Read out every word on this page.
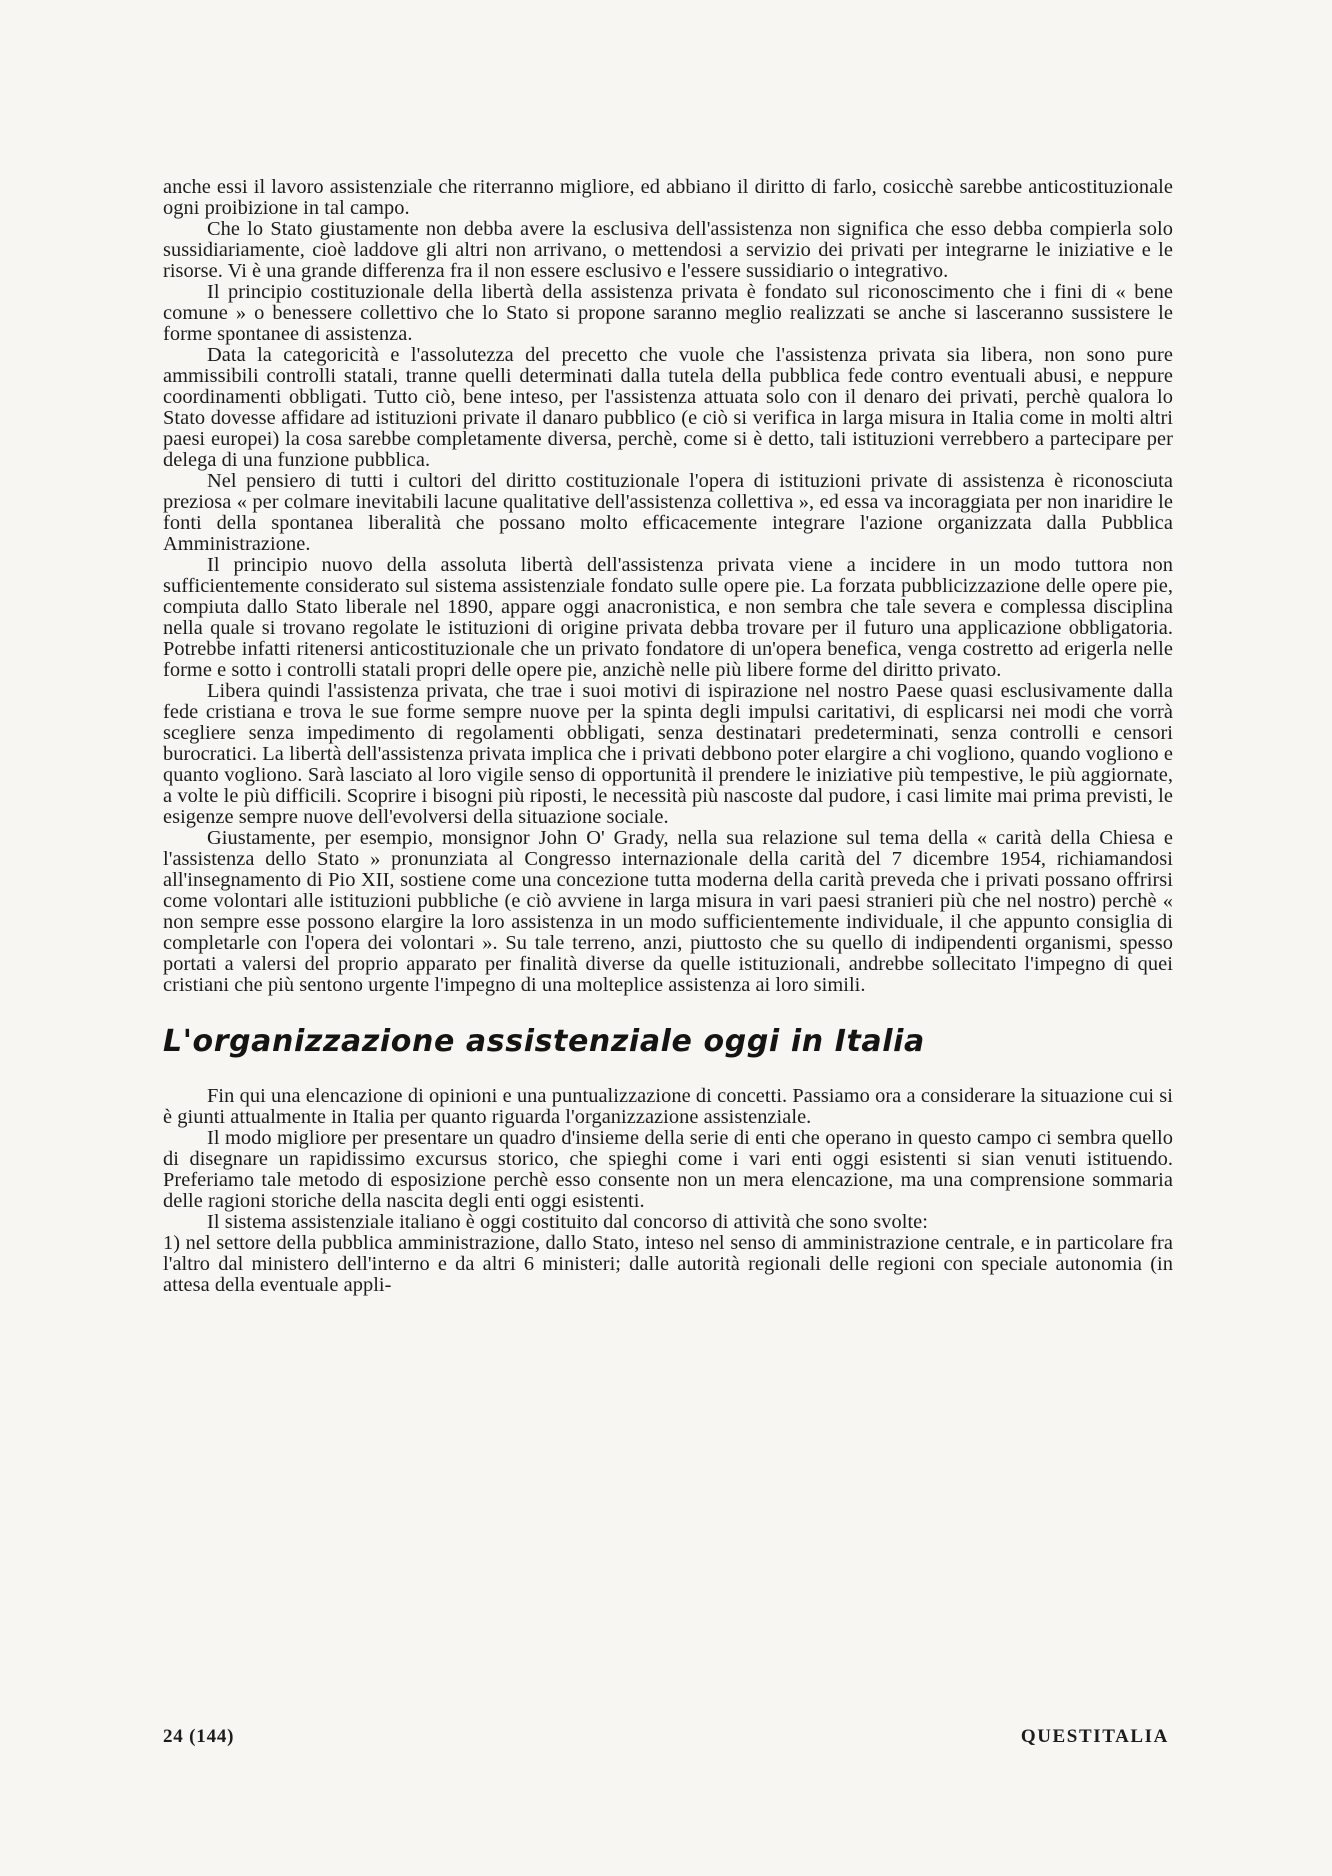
anche essi il lavoro assistenziale che riterranno migliore, ed abbiano il diritto di farlo, cosicchè sarebbe anticostituzionale ogni proibizione in tal campo.

Che lo Stato giustamente non debba avere la esclusiva dell'assistenza non significa che esso debba compierla solo sussidiariamente, cioè laddove gli altri non arrivano, o mettendosi a servizio dei privati per integrarne le iniziative e le risorse. Vi è una grande differenza fra il non essere esclusivo e l'essere sussidiario o integrativo.

Il principio costituzionale della libertà della assistenza privata è fondato sul riconoscimento che i fini di « bene comune » o benessere collettivo che lo Stato si propone saranno meglio realizzati se anche si lasceranno sussistere le forme spontanee di assistenza.

Data la categoricità e l'assolutezza del precetto che vuole che l'assistenza privata sia libera, non sono pure ammissibili controlli statali, tranne quelli determinati dalla tutela della pubblica fede contro eventuali abusi, e neppure coordinamenti obbligati. Tutto ciò, bene inteso, per l'assistenza attuata solo con il denaro dei privati, perchè qualora lo Stato dovesse affidare ad istituzioni private il danaro pubblico (e ciò si verifica in larga misura in Italia come in molti altri paesi europei) la cosa sarebbe completamente diversa, perchè, come si è detto, tali istituzioni verrebbero a partecipare per delega di una funzione pubblica.

Nel pensiero di tutti i cultori del diritto costituzionale l'opera di istituzioni private di assistenza è riconosciuta preziosa « per colmare inevitabili lacune qualitative dell'assistenza collettiva », ed essa va incoraggiata per non inaridire le fonti della spontanea liberalità che possano molto efficacemente integrare l'azione organizzata dalla Pubblica Amministrazione.

Il principio nuovo della assoluta libertà dell'assistenza privata viene a incidere in un modo tuttora non sufficientemente considerato sul sistema assistenziale fondato sulle opere pie. La forzata pubblicizzazione delle opere pie, compiuta dallo Stato liberale nel 1890, appare oggi anacronistica, e non sembra che tale severa e complessa disciplina nella quale si trovano regolate le istituzioni di origine privata debba trovare per il futuro una applicazione obbligatoria. Potrebbe infatti ritenersi anticostituzionale che un privato fondatore di un'opera benefica, venga costretto ad erigerla nelle forme e sotto i controlli statali propri delle opere pie, anzichè nelle più libere forme del diritto privato.

Libera quindi l'assistenza privata, che trae i suoi motivi di ispirazione nel nostro Paese quasi esclusivamente dalla fede cristiana e trova le sue forme sempre nuove per la spinta degli impulsi caritativi, di esplicarsi nei modi che vorrà scegliere senza impedimento di regolamenti obbligati, senza destinatari predeterminati, senza controlli e censori burocratici. La libertà dell'assistenza privata implica che i privati debbono poter elargire a chi vogliono, quando vogliono e quanto vogliono. Sarà lasciato al loro vigile senso di opportunità il prendere le iniziative più tempestive, le più aggiornate, a volte le più difficili. Scoprire i bisogni più riposti, le necessità più nascoste dal pudore, i casi limite mai prima previsti, le esigenze sempre nuove dell'evolversi della situazione sociale.

Giustamente, per esempio, monsignor John O' Grady, nella sua relazione sul tema della « carità della Chiesa e l'assistenza dello Stato » pronunziata al Congresso internazionale della carità del 7 dicembre 1954, richiamandosi all'insegnamento di Pio XII, sostiene come una concezione tutta moderna della carità preveda che i privati possano offrirsi come volontari alle istituzioni pubbliche (e ciò avviene in larga misura in vari paesi stranieri più che nel nostro) perchè « non sempre esse possono elargire la loro assistenza in un modo sufficientemente individuale, il che appunto consiglia di completarle con l'opera dei volontari ». Su tale terreno, anzi, piuttosto che su quello di indipendenti organismi, spesso portati a valersi del proprio apparato per finalità diverse da quelle istituzionali, andrebbe sollecitato l'impegno di quei cristiani che più sentono urgente l'impegno di una molteplice assistenza ai loro simili.

L'organizzazione assistenziale oggi in Italia

Fin qui una elencazione di opinioni e una puntualizzazione di concetti. Passiamo ora a considerare la situazione cui si è giunti attualmente in Italia per quanto riguarda l'organizzazione assistenziale.

Il modo migliore per presentare un quadro d'insieme della serie di enti che operano in questo campo ci sembra quello di disegnare un rapidissimo excursus storico, che spieghi come i vari enti oggi esistenti si sian venuti istituendo. Preferiamo tale metodo di esposizione perchè esso consente non un mera elencazione, ma una comprensione sommaria delle ragioni storiche della nascita degli enti oggi esistenti.

Il sistema assistenziale italiano è oggi costituito dal concorso di attività che sono svolte:

1) nel settore della pubblica amministrazione, dallo Stato, inteso nel senso di amministrazione centrale, e in particolare fra l'altro dal ministero dell'interno e da altri 6 ministeri; dalle autorità regionali delle regioni con speciale autonomia (in attesa della eventuale appli-

24 (144)	QUESTITALIA
